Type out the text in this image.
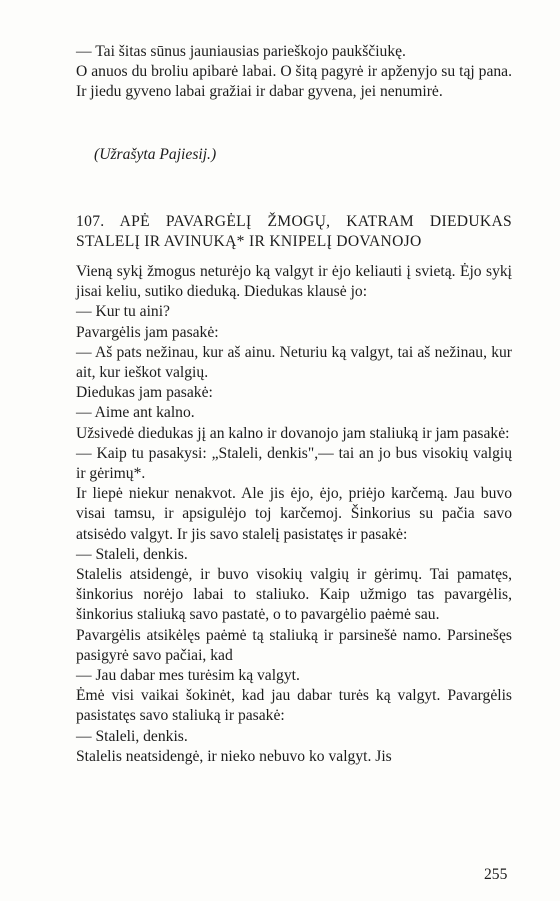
— Tai šitas sūnus jauniausias parieškojo paukščiukę.

O anuos du broliu apibarė labai. O šitą pagyrė ir apženyjo su tąj pana. Ir jiedu gyveno labai gražiai ir dabar gyvena, jei nenumirė.

(Užrašyta Pajiesij.)
107. APĖ PAVARGĖLĮ ŽMOGŲ, KATRAM DIEDUKAS STALELĮ IR AVINUKĄ* IR KNIPELĮ DOVANOJO

Vieną sykį žmogus neturėjo ką valgyt ir ėjo keliauti į svietą. Ėjo sykį jisai keliu, sutiko dieduką. Diedukas klausė jo:

— Kur tu aini?

Pavargėlis jam pasakė:

— Aš pats nežinau, kur aš ainu. Neturiu ką valgyt, tai aš nežinau, kur ait, kur ieškot valgių.

Diedukas jam pasakė:

— Aime ant kalno.

Užsivedė diedukas jį an kalno ir dovanojo jam staliuką ir jam pasakė:

— Kaip tu pasakysi: „Staleli, denkis",— tai an jo bus visokių valgių ir gėrimų*.

Ir liepė niekur nenakvot. Ale jis ėjo, ėjo, priėjo karčemą. Jau buvo visai tamsu, ir apsigulėjo toj karčemoj. Šinkorius su pačia savo atsisėdo valgyt. Ir jis savo stalelį pasistatęs ir pasakė:

— Staleli, denkis.

Stalelis atsidengė, ir buvo visokių valgių ir gėrimų. Tai pamatęs, šinkorius norėjo labai to staliuko. Kaip užmigo tas pavargėlis, šinkorius staliuką savo pastatė, o to pavargėlio paėmė sau.

Pavargėlis atsikėlęs paėmė tą staliuką ir parsinešė namo. Parsinešęs pasigyrė savo pačiai, kad

— Jau dabar mes turėsim ką valgyt.

Ėmė visi vaikai šokinėt, kad jau dabar turės ką valgyt. Pavargėlis pasistatęs savo staliuką ir pasakė:

— Staleli, denkis.

Stalelis neatsidengė, ir nieko nebuvo ko valgyt. Jis

255
